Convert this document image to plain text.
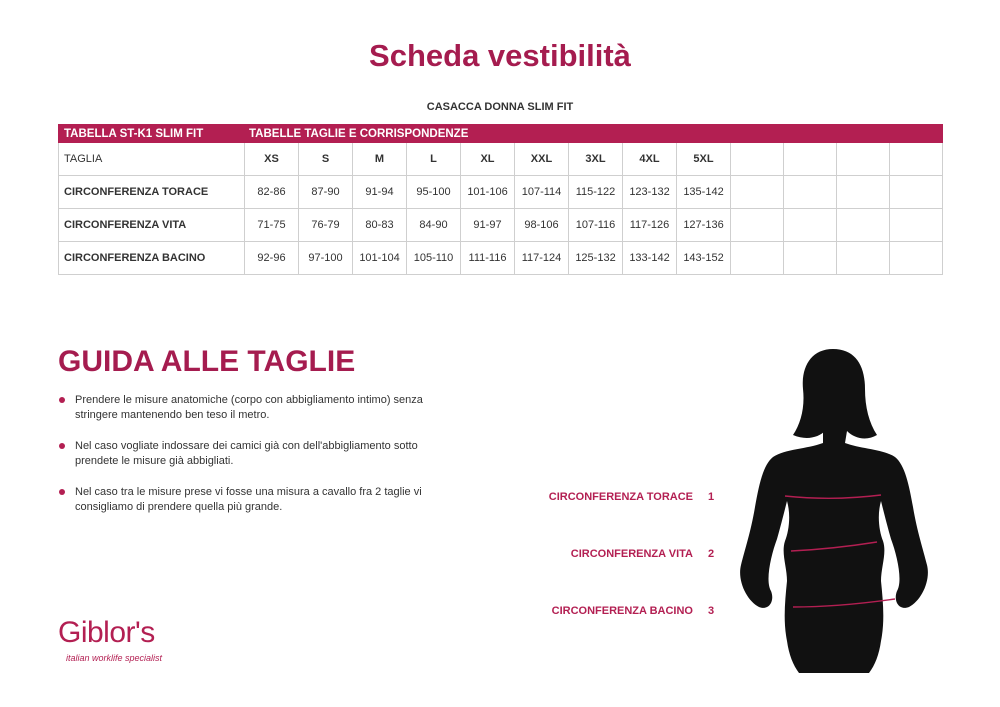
Scheda vestibilità
CASACCA DONNA SLIM FIT
TABELLA ST-K1 SLIM FIT	TABELLE TAGLIE E CORRISPONDENZE												
TAGLIA	XS	S	M	L	XL	XXL	3XL	4XL	5XL				
CIRCONFERENZA TORACE	82-86	87-90	91-94	95-100	101-106	107-114	115-122	123-132	135-142				
CIRCONFERENZA VITA	71-75	76-79	80-83	84-90	91-97	98-106	107-116	117-126	127-136				
CIRCONFERENZA BACINO	92-96	97-100	101-104	105-110	111-116	117-124	125-132	133-142	143-152				
GUIDA ALLE TAGLIE
Prendere le misure anatomiche (corpo con abbigliamento intimo) senza stringere mantenendo ben teso il metro.
Nel caso vogliate indossare dei camici già con dell'abbigliamento sotto prendete le misure già abbigliati.
Nel caso tra le misure prese vi fosse una misura a cavallo fra 2 taglie vi consigliamo di prendere quella più grande.
CIRCONFERENZA TORACE 1
CIRCONFERENZA VITA 2
CIRCONFERENZA BACINO 3
Giblor's
italian worklife specialist
